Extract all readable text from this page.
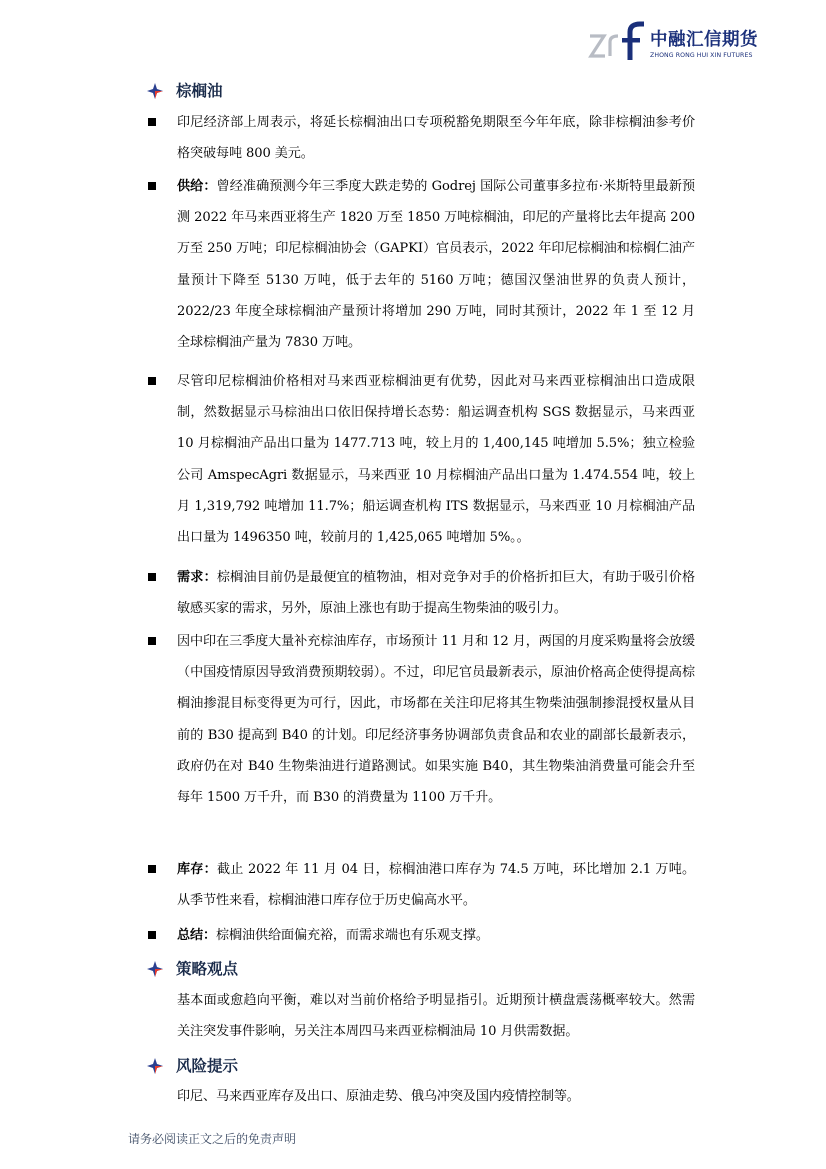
中融汇信期货
ZHONG RONG HUI XIN FUTURES
棕榈油
印尼经济部上周表示，将延长棕榈油出口专项税豁免期限至今年年底，除非棕榈油参考价格突破每吨 800 美元。
供给：曾经准确预测今年三季度大跌走势的 Godrej 国际公司董事多拉布·米斯特里最新预测 2022 年马来西亚将生产 1820 万至 1850 万吨棕榈油，印尼的产量将比去年提高 200 万至 250 万吨；印尼棕榈油协会（GAPKI）官员表示，2022 年印尼棕榈油和棕榈仁油产量预计下降至 5130 万吨，低于去年的 5160 万吨；德国汉堡油世界的负责人预计，2022/23 年度全球棕榈油产量预计将增加 290 万吨，同时其预计，2022 年 1 至 12 月全球棕榈油产量为 7830 万吨。
尽管印尼棕榈油价格相对马来西亚棕榈油更有优势，因此对马来西亚棕榈油出口造成限制，然数据显示马棕油出口依旧保持增长态势：船运调查机构 SGS 数据显示，马来西亚 10 月棕榈油产品出口量为 1477.713 吨，较上月的 1,400,145 吨增加 5.5%；独立检验公司 AmspecAgri 数据显示，马来西亚 10 月棕榈油产品出口量为 1.474.554 吨，较上月 1,319,792 吨增加 11.7%；船运调查机构 ITS 数据显示，马来西亚 10 月棕榈油产品出口量为 1496350 吨，较前月的 1,425,065 吨增加 5%。。
需求：棕榈油目前仍是最便宜的植物油，相对竞争对手的价格折扣巨大，有助于吸引价格敏感买家的需求，另外，原油上涨也有助于提高生物柴油的吸引力。
因中印在三季度大量补充棕油库存，市场预计 11 月和 12 月，两国的月度采购量将会放缓（中国疫情原因导致消费预期较弱）。不过，印尼官员最新表示，原油价格高企使得提高棕榈油掺混目标变得更为可行，因此，市场都在关注印尼将其生物柴油强制掺混授权量从目前的 B30 提高到 B40 的计划。印尼经济事务协调部负责食品和农业的副部长最新表示，政府仍在对 B40 生物柴油进行道路测试。如果实施 B40，其生物柴油消费量可能会升至每年 1500 万千升，而 B30 的消费量为 1100 万千升。
库存：截止 2022 年 11 月 04 日，棕榈油港口库存为 74.5 万吨，环比增加 2.1 万吨。从季节性来看，棕榈油港口库存位于历史偏高水平。
总结：棕榈油供给面偏充裕，而需求端也有乐观支撑。
策略观点
基本面或愈趋向平衡，难以对当前价格给予明显指引。近期预计横盘震荡概率较大。然需关注突发事件影响，另关注本周四马来西亚棕榈油局 10 月供需数据。
风险提示
印尼、马来西亚库存及出口、原油走势、俄乌冲突及国内疫情控制等。
请务必阅读正文之后的免责声明
